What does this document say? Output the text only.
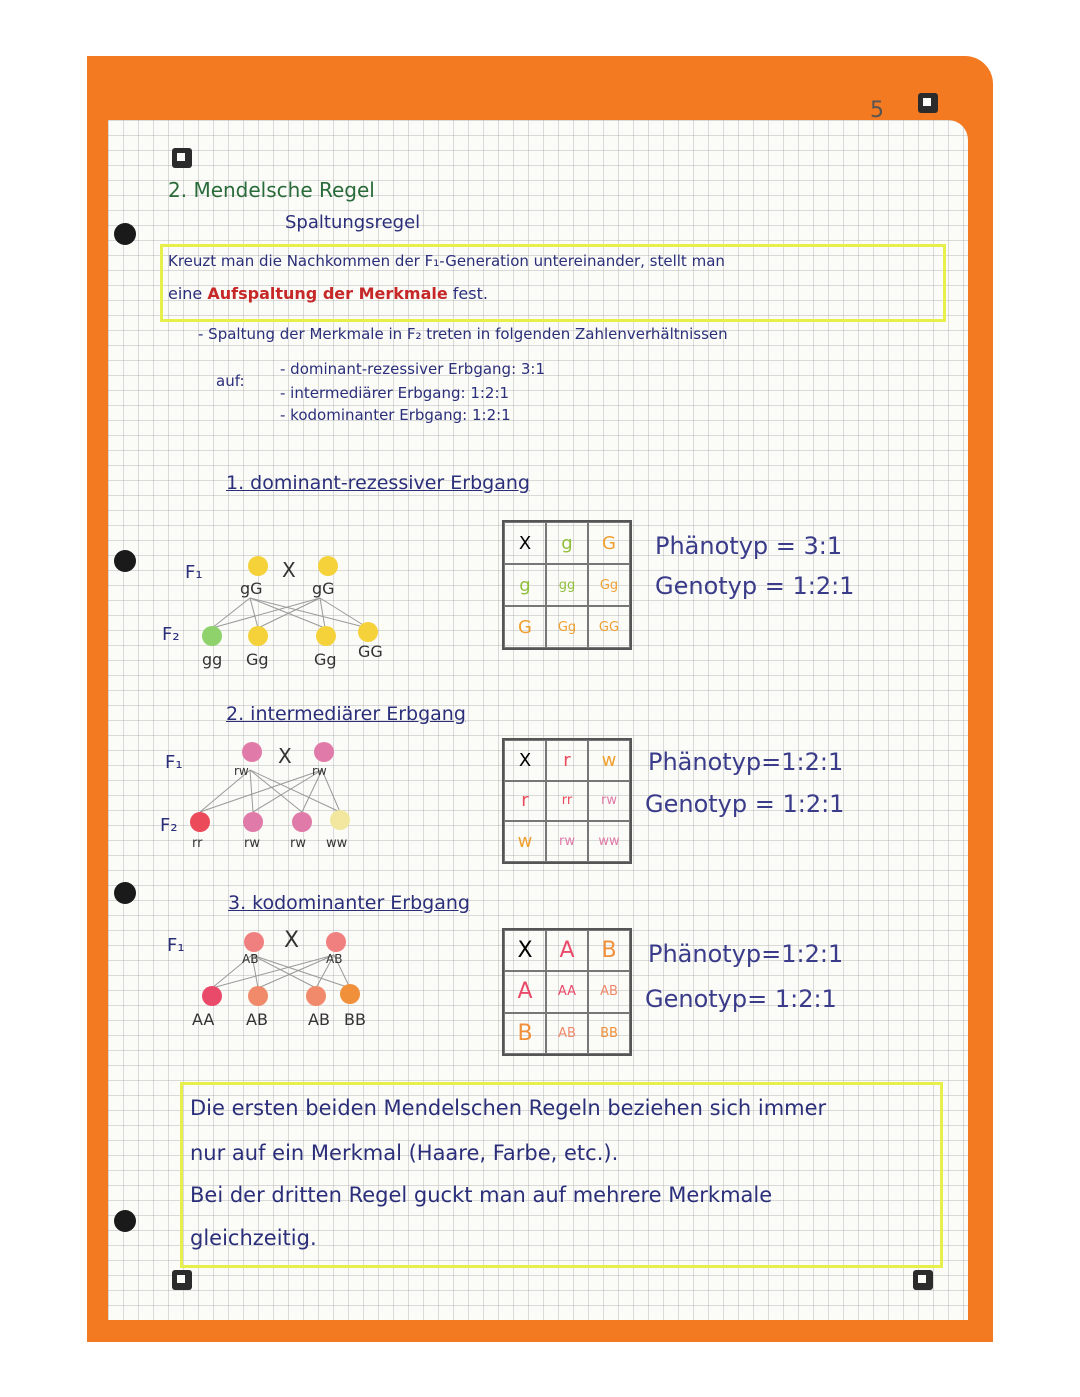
5
2. Mendelsche Regel
Spaltungsregel
Kreuzt man die Nachkommen der F₁-Generation untereinander, stellt man
eine Aufspaltung der Merkmale fest.
- Spaltung der Merkmale in F₂ treten in folgenden Zahlenverhältnissen
auf:
- dominant-rezessiver Erbgang: 3:1
- intermediärer Erbgang: 1:2:1
- kodominanter Erbgang: 1:2:1
1. dominant-rezessiver Erbgang
F₁
F₂
X
gG	gG
gg Gg	Gg GG
X	g	G
g	gg	Gg
G	Gg	GG
Phänotyp = 3:1
Genotyp = 1:2:1
2. intermediärer Erbgang
F₁
F₂
X
rw	rw
rr	rw rw ww
X	r	w
r	rr	rw
w	rw	ww
Phänotyp=1:2:1
Genotyp = 1:2:1
3. kodominanter Erbgang
F₁	X
AB	AB
AA AB	AB BB
X	A	B
A	AA	AB
B	AB	BB
Phänotyp=1:2:1
Genotyp= 1:2:1
Die ersten beiden Mendelschen Regeln beziehen sich immer
nur auf ein Merkmal (Haare, Farbe, etc.).
Bei der dritten Regel guckt man auf mehrere Merkmale
gleichzeitig.
